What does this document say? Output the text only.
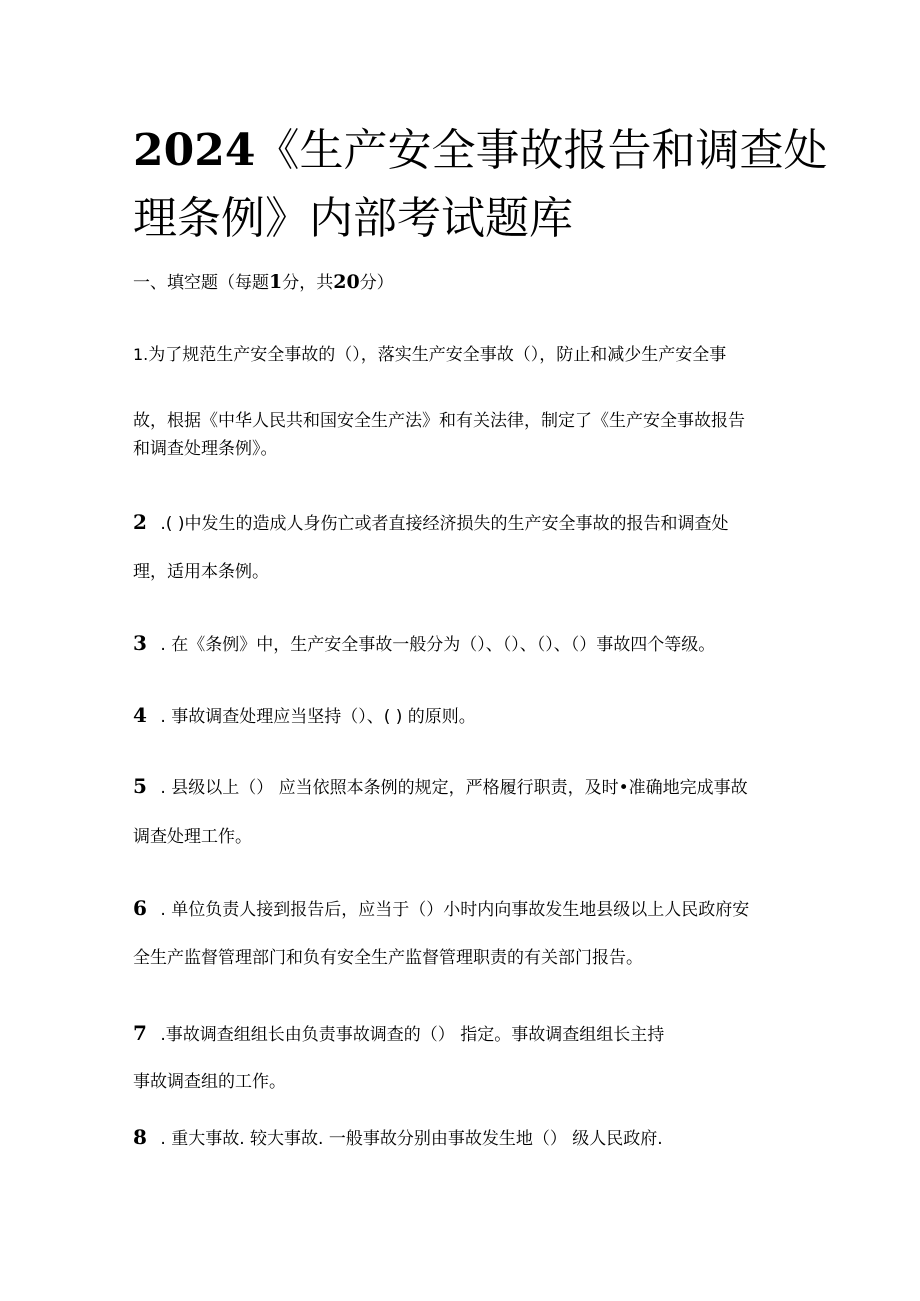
2024《生产安全事故报告和调查处
理条例》内部考试题库
一、填空题（每题1分，共20分）
1.为了规范生产安全事故的（），落实生产安全事故（），防止和减少生产安全事
故，根据《中华人民共和国安全生产法》和有关法律，制定了《生产安全事故报告
和调查处理条例》。
2 .( )中发生的造成人身伤亡或者直接经济损失的生产安全事故的报告和调查处
理，适用本条例。
3 . 在《条例》中，生产安全事故一般分为（）、（）、（）、（）事故四个等级。
4 . 事故调查处理应当坚持（）、( ) 的原则。
5 . 县级以上（） 应当依照本条例的规定，严格履行职责，及时•准确地完成事故
调查处理工作。
6 . 单位负责人接到报告后，应当于（）小时内向事故发生地县级以上人民政府安
全生产监督管理部门和负有安全生产监督管理职责的有关部门报告。
7 .事故调查组组长由负责事故调查的（） 指定。事故调查组组长主持
事故调查组的工作。
8 . 重大事故. 较大事故. 一般事故分别由事故发生地（） 级人民政府.
